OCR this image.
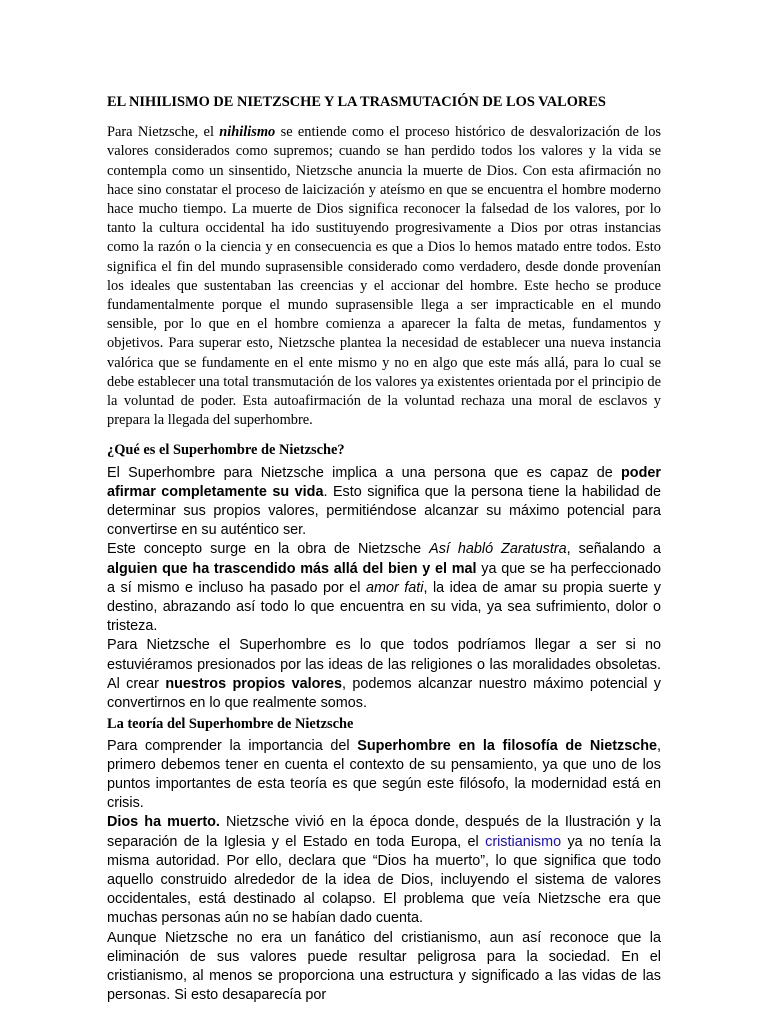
EL NIHILISMO DE NIETZSCHE Y LA TRASMUTACIÓN DE LOS VALORES

Para Nietzsche, el nihilismo se entiende como el proceso histórico de desvalorización de los valores considerados como supremos; cuando se han perdido todos los valores y la vida se contempla como un sinsentido, Nietzsche anuncia la muerte de Dios. Con esta afirmación no hace sino constatar el proceso de laicización y ateísmo en que se encuentra el hombre moderno hace mucho tiempo. La muerte de Dios significa reconocer la falsedad de los valores, por lo tanto la cultura occidental ha ido sustituyendo progresivamente a Dios por otras instancias como la razón o la ciencia y en consecuencia es que a Dios lo hemos matado entre todos. Esto significa el fin del mundo suprasensible considerado como verdadero, desde donde provenían los ideales que sustentaban las creencias y el accionar del hombre. Este hecho se produce fundamentalmente porque el mundo suprasensible llega a ser impracticable en el mundo sensible, por lo que en el hombre comienza a aparecer la falta de metas, fundamentos y objetivos. Para superar esto, Nietzsche plantea la necesidad de establecer una nueva instancia valórica que se fundamente en el ente mismo y no en algo que este más allá, para lo cual se debe establecer una total transmutación de los valores ya existentes orientada por el principio de la voluntad de poder. Esta autoafirmación de la voluntad rechaza una moral de esclavos y prepara la llegada del superhombre.

¿Qué es el Superhombre de Nietzsche?

El Superhombre para Nietzsche implica a una persona que es capaz de poder afirmar completamente su vida. Esto significa que la persona tiene la habilidad de determinar sus propios valores, permitiéndose alcanzar su máximo potencial para convertirse en su auténtico ser.

Este concepto surge en la obra de Nietzsche Así habló Zaratustra, señalando a alguien que ha trascendido más allá del bien y el mal ya que se ha perfeccionado a sí mismo e incluso ha pasado por el amor fati, la idea de amar su propia suerte y destino, abrazando así todo lo que encuentra en su vida, ya sea sufrimiento, dolor o tristeza.

Para Nietzsche el Superhombre es lo que todos podríamos llegar a ser si no estuviéramos presionados por las ideas de las religiones o las moralidades obsoletas. Al crear nuestros propios valores, podemos alcanzar nuestro máximo potencial y convertirnos en lo que realmente somos.

La teoría del Superhombre de Nietzsche

Para comprender la importancia del Superhombre en la filosofía de Nietzsche, primero debemos tener en cuenta el contexto de su pensamiento, ya que uno de los puntos importantes de esta teoría es que según este filósofo, la modernidad está en crisis.

Dios ha muerto. Nietzsche vivió en la época donde, después de la Ilustración y la separación de la Iglesia y el Estado en toda Europa, el cristianismo ya no tenía la misma autoridad. Por ello, declara que “Dios ha muerto”, lo que significa que todo aquello construido alrededor de la idea de Dios, incluyendo el sistema de valores occidentales, está destinado al colapso. El problema que veía Nietzsche era que muchas personas aún no se habían dado cuenta.

Aunque Nietzsche no era un fanático del cristianismo, aun así reconoce que la eliminación de sus valores puede resultar peligrosa para la sociedad. En el cristianismo, al menos se proporciona una estructura y significado a las vidas de las personas. Si esto desaparecía por
